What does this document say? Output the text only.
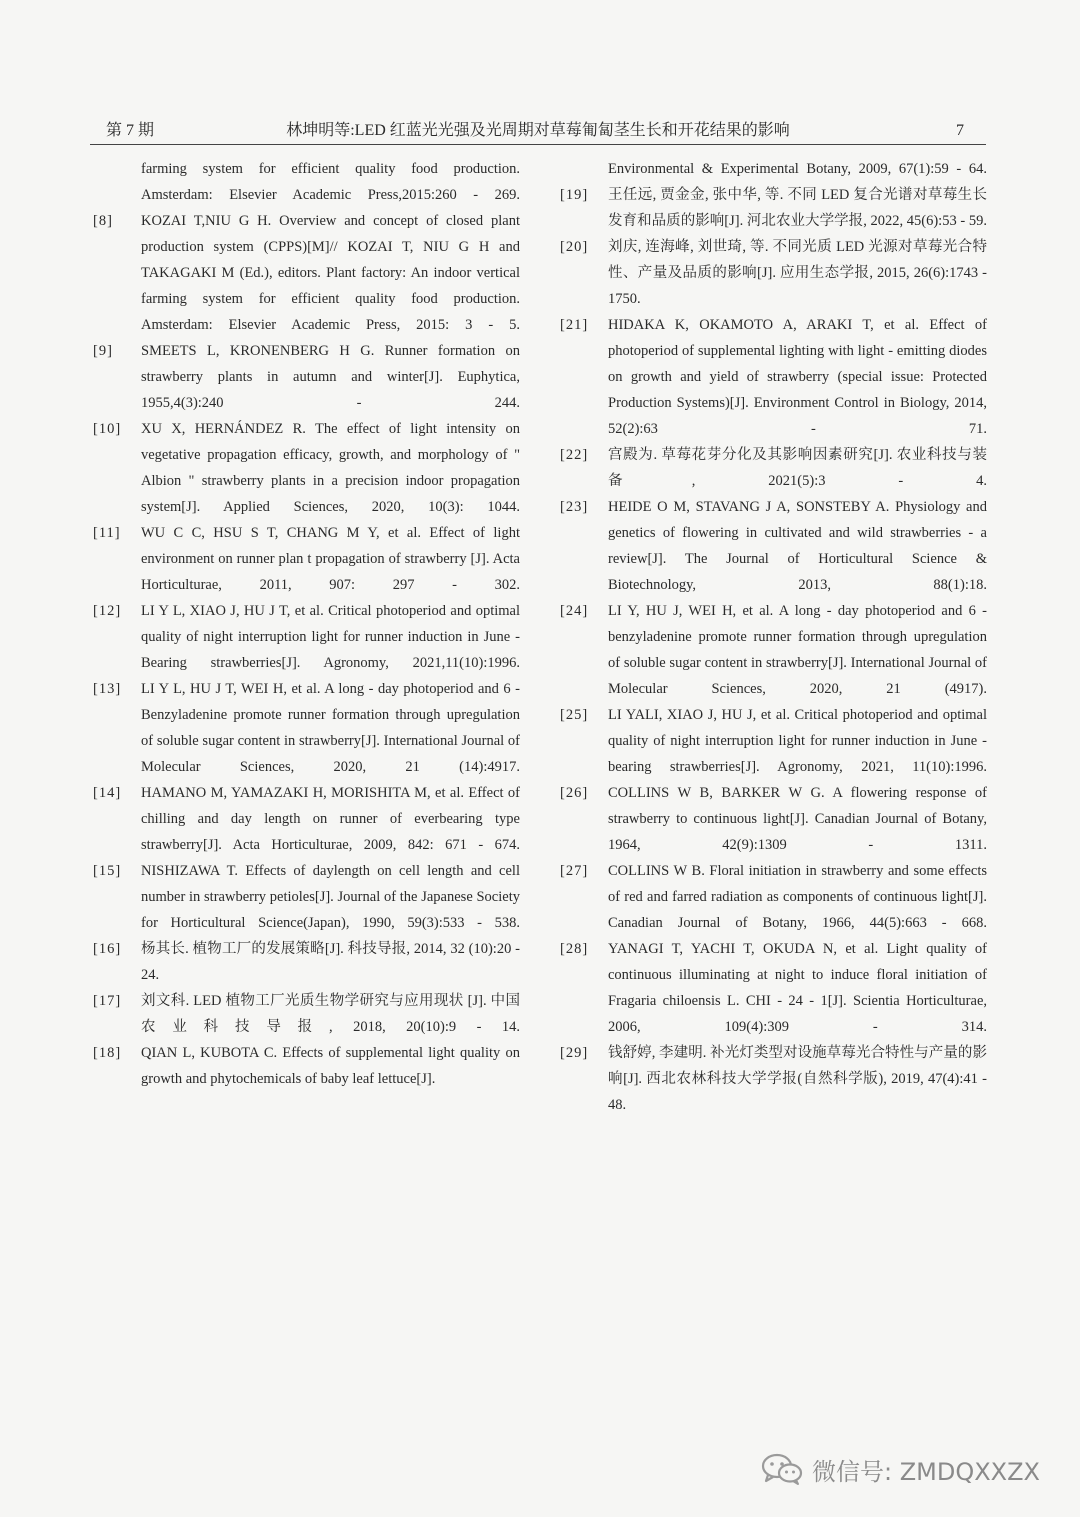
第 7 期	林坤明等:LED 红蓝光光强及光周期对草莓匍匐茎生长和开花结果的影响	7
farming system for efficient quality food production. Amsterdam: Elsevier Academic Press,2015:260 - 269.
[8] KOZAI T,NIU G H. Overview and concept of closed plant production system (CPPS)[M]// KOZAI T, NIU G H and TAKAGAKI M (Ed.), editors. Plant factory: An indoor vertical farming system for efficient quality food production. Amsterdam: Elsevier Academic Press, 2015: 3 - 5.
[9] SMEETS L, KRONENBERG H G. Runner formation on strawberry plants in autumn and winter[J]. Euphytica, 1955,4(3):240 - 244.
[10] XU X, HERNÁNDEZ R. The effect of light intensity on vegetative propagation efficacy, growth, and morphology of " Albion " strawberry plants in a precision indoor propagation system[J]. Applied Sciences, 2020, 10(3): 1044.
[11] WU C C, HSU S T, CHANG M Y, et al. Effect of light environment on runner plan t propagation of strawberry [J]. Acta Horticulturae, 2011, 907: 297 - 302.
[12] LI Y L, XIAO J, HU J T, et al. Critical photoperiod and optimal quality of night interruption light for runner induction in June - Bearing strawberries[J]. Agronomy, 2021,11(10):1996.
[13] LI Y L, HU J T, WEI H, et al. A long - day photoperiod and 6 - Benzyladenine promote runner formation through upregulation of soluble sugar content in strawberry[J]. International Journal of Molecular Sciences, 2020, 21 (14):4917.
[14] HAMANO M, YAMAZAKI H, MORISHITA M, et al. Effect of chilling and day length on runner of everbearing type strawberry[J]. Acta Horticulturae, 2009, 842: 671 - 674.
[15] NISHIZAWA T. Effects of daylength on cell length and cell number in strawberry petioles[J]. Journal of the Japanese Society for Horticultural Science(Japan), 1990, 59(3):533 - 538.
[16] 杨其长. 植物工厂的发展策略[J]. 科技导报, 2014, 32 (10):20 - 24.
[17] 刘文科. LED 植物工厂光质生物学研究与应用现状 [J]. 中国农业科技导报, 2018, 20(10):9 - 14.
[18] QIAN L, KUBOTA C. Effects of supplemental light quality on growth and phytochemicals of baby leaf lettuce[J].
Environmental & Experimental Botany, 2009, 67(1):59 - 64.
[19] 王任远, 贾金金, 张中华, 等. 不同 LED 复合光谱对草莓生长发育和品质的影响[J]. 河北农业大学学报, 2022, 45(6):53 - 59.
[20] 刘庆, 连海峰, 刘世琦, 等. 不同光质 LED 光源对草莓光合特性、产量及品质的影响[J]. 应用生态学报, 2015, 26(6):1743 - 1750.
[21] HIDAKA K, OKAMOTO A, ARAKI T, et al. Effect of photoperiod of supplemental lighting with light - emitting diodes on growth and yield of strawberry (special issue: Protected Production Systems)[J]. Environment Control in Biology, 2014, 52(2):63 - 71.
[22] 宫殿为. 草莓花芽分化及其影响因素研究[J]. 农业科技与装备, 2021(5):3 - 4.
[23] HEIDE O M, STAVANG J A, SONSTEBY A. Physiology and genetics of flowering in cultivated and wild strawberries - a review[J]. The Journal of Horticultural Science & Biotechnology, 2013, 88(1):18.
[24] LI Y, HU J, WEI H, et al. A long - day photoperiod and 6 - benzyladenine promote runner formation through upregulation of soluble sugar content in strawberry[J]. International Journal of Molecular Sciences, 2020, 21 (4917).
[25] LI YALI, XIAO J, HU J, et al. Critical photoperiod and optimal quality of night interruption light for runner induction in June - bearing strawberries[J]. Agronomy, 2021, 11(10):1996.
[26] COLLINS W B, BARKER W G. A flowering response of strawberry to continuous light[J]. Canadian Journal of Botany, 1964, 42(9):1309 - 1311.
[27] COLLINS W B. Floral initiation in strawberry and some effects of red and farred radiation as components of continuous light[J]. Canadian Journal of Botany, 1966, 44(5):663 - 668.
[28] YANAGI T, YACHI T, OKUDA N, et al. Light quality of continuous illuminating at night to induce floral initiation of Fragaria chiloensis L. CHI - 24 - 1[J]. Scientia Horticulturae, 2006, 109(4):309 - 314.
[29] 钱舒婷, 李建明. 补光灯类型对设施草莓光合特性与产量的影响[J]. 西北农林科技大学学报(自然科学版), 2019, 47(4):41 - 48.
微信号: ZMDQXXZX
